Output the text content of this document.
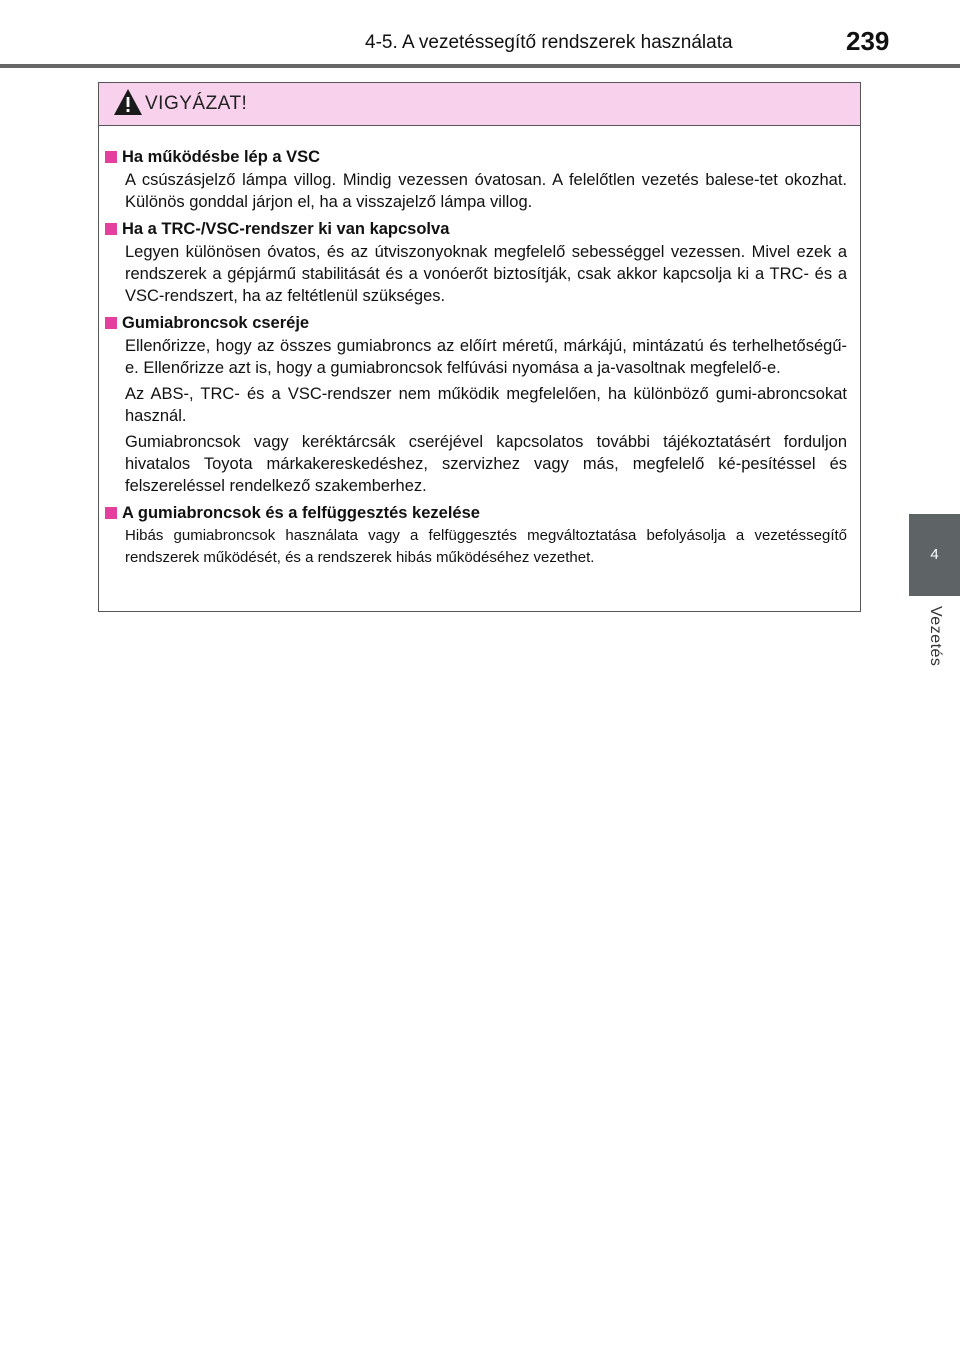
4-5. A vezetéssegítő rendszerek használata	239
4
Vezetés
VIGYÁZAT!
Ha működésbe lép a VSC

A csúszásjelző lámpa villog. Mindig vezessen óvatosan. A felelőtlen vezetés balese-tet okozhat. Különös gonddal járjon el, ha a visszajelző lámpa villog.

Ha a TRC-/VSC-rendszer ki van kapcsolva

Legyen különösen óvatos, és az útviszonyoknak megfelelő sebességgel vezessen. Mivel ezek a rendszerek a gépjármű stabilitását és a vonóerőt biztosítják, csak akkor kapcsolja ki a TRC- és a VSC-rendszert, ha az feltétlenül szükséges.

Gumiabroncsok cseréje

Ellenőrizze, hogy az összes gumiabroncs az előírt méretű, márkájú, mintázatú és terhelhetőségű-e. Ellenőrizze azt is, hogy a gumiabroncsok felfúvási nyomása a ja-vasoltnak megfelelő-e.

Az ABS-, TRC- és a VSC-rendszer nem működik megfelelően, ha különböző gumi-abroncsokat használ.

Gumiabroncsok vagy keréktárcsák cseréjével kapcsolatos további tájékoztatásért forduljon hivatalos Toyota márkakereskedéshez, szervizhez vagy más, megfelelő ké-pesítéssel és felszereléssel rendelkező szakemberhez.

A gumiabroncsok és a felfüggesztés kezelése

Hibás gumiabroncsok használata vagy a felfüggesztés megváltoztatása befolyásolja a vezetéssegítő rendszerek működését, és a rendszerek hibás működéséhez vezethet.
